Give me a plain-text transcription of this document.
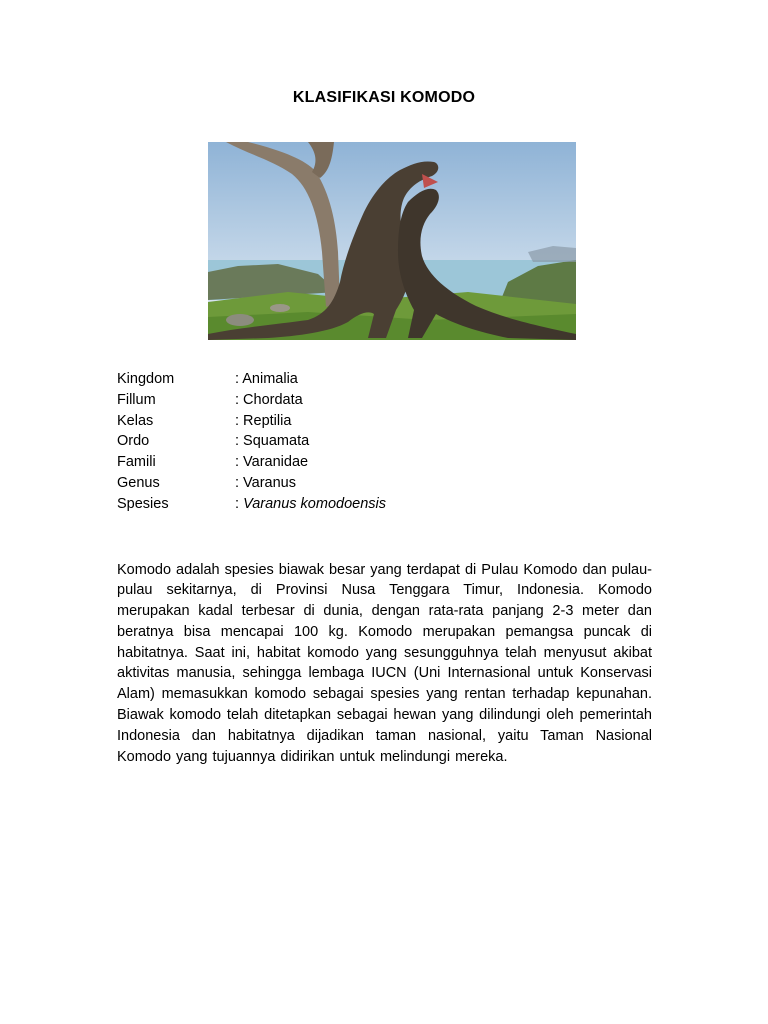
KLASIFIKASI KOMODO
Kingdom	: Animalia
Fillum	: Chordata
Kelas	: Reptilia
Ordo	: Squamata
Famili	: Varanidae
Genus	: Varanus
Spesies	: Varanus komodoensis

Komodo adalah spesies biawak besar yang terdapat di Pulau Komodo dan pulau-pulau sekitarnya, di Provinsi Nusa Tenggara Timur, Indonesia. Komodo merupakan kadal terbesar di dunia, dengan rata-rata panjang 2-3 meter dan beratnya bisa mencapai 100 kg. Komodo merupakan pemangsa puncak di habitatnya. Saat ini, habitat komodo yang sesungguhnya telah menyusut akibat aktivitas manusia, sehingga lembaga IUCN (Uni Internasional untuk Konservasi Alam) memasukkan komodo sebagai spesies yang rentan terhadap kepunahan. Biawak komodo telah ditetapkan sebagai hewan yang dilindungi oleh pemerintah Indonesia dan habitatnya dijadikan taman nasional, yaitu Taman Nasional Komodo yang tujuannya didirikan untuk melindungi mereka.
